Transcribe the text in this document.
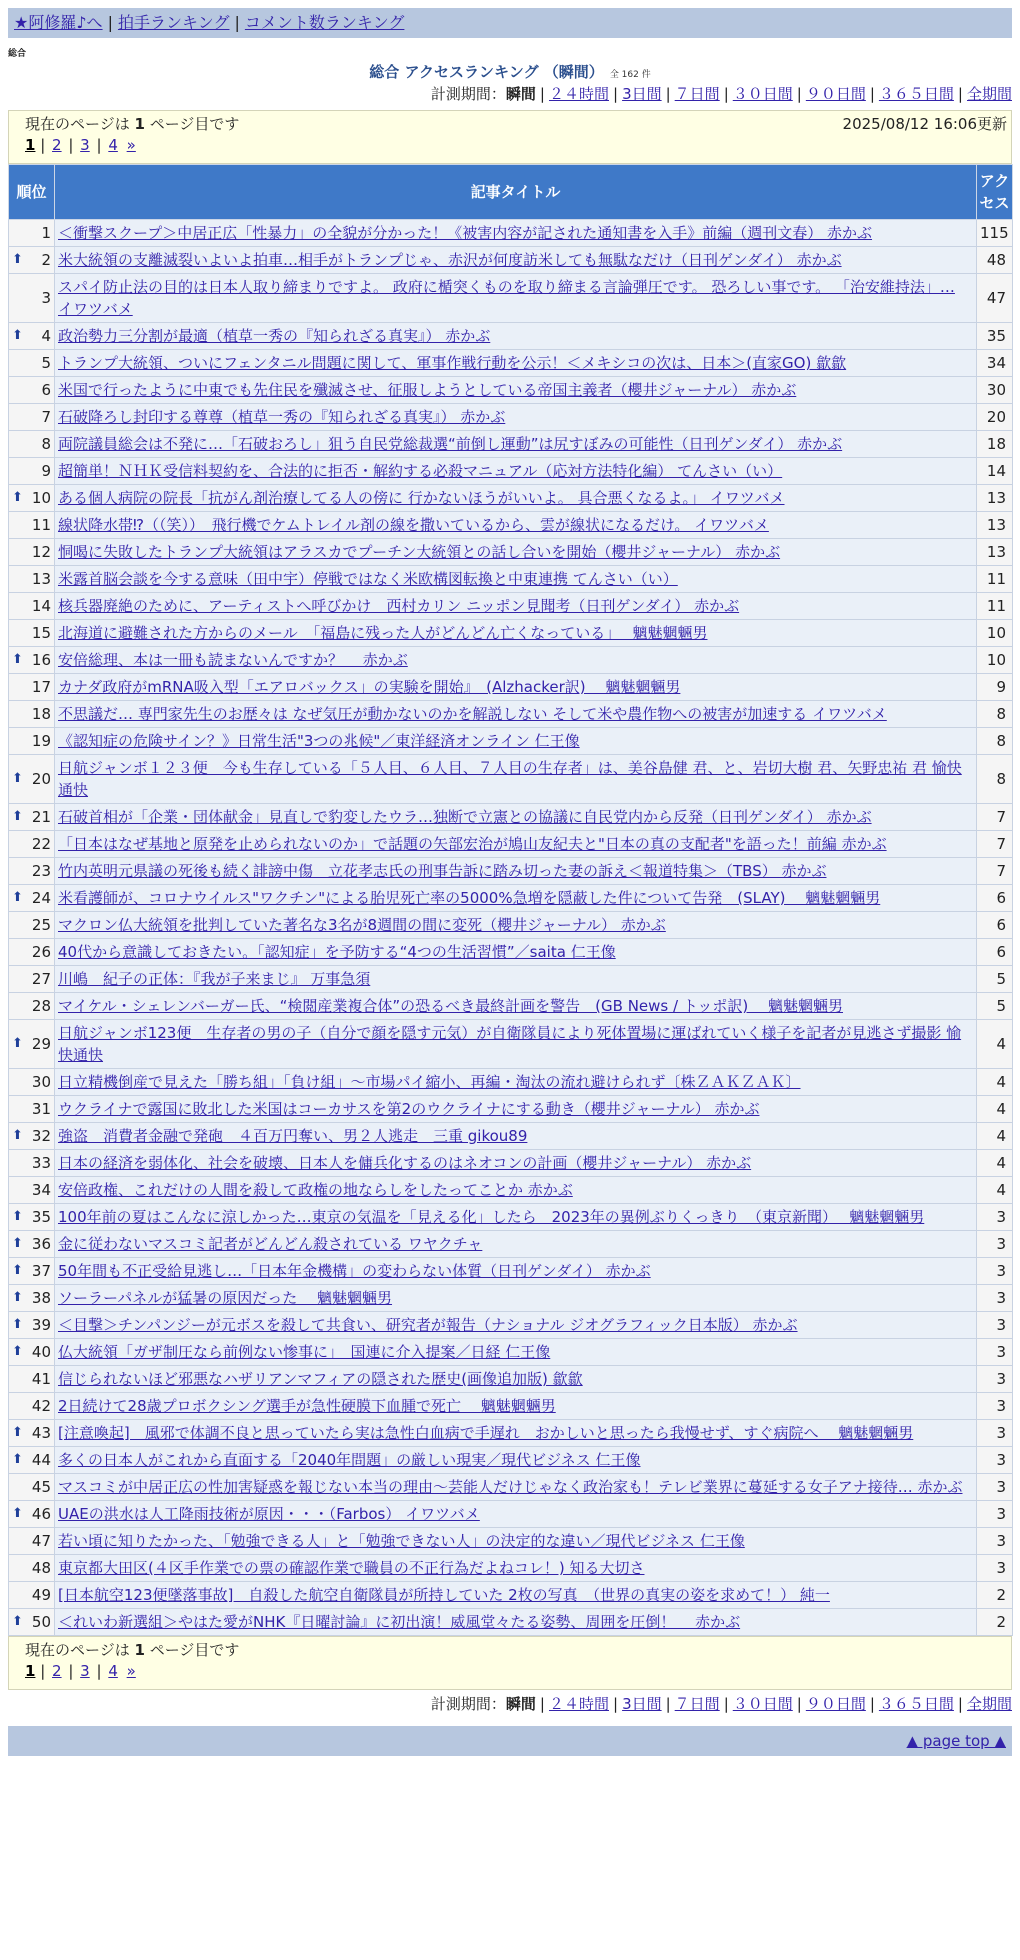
★阿修羅♪へ | 拍手ランキング | コメント数ランキング
総合
総合 アクセスランキング （瞬間） 全 162 件
計測期間：瞬間 | ２４時間 | 3日間 | ７日間 | ３０日間 | ９０日間 | ３６５日間 | 全期間
現在のページは 1 ページ目です	2025/08/12 16:06更新
1 | 2 | 3 | 4 »
順位	記事タイトル	アクセス
1	＜衝撃スクープ＞中居正広「性暴力」の全貌が分かった！《被害内容が記された通知書を入手》前編（週刊文春） 赤かぶ	115

⬆ 2	米大統領の支離滅裂いよいよ拍車…相手がトランプじゃ、赤沢が何度訪米しても無駄なだけ（日刊ゲンダイ） 赤かぶ	48
3	スパイ防止法の目的は日本人取り締まりですよ。 政府に楯突くものを取り締まる言論弾圧です。 恐ろしい事です。 「治安維持法」… イワツバメ	47

⬆ 4	政治勢力三分割が最適（植草一秀の『知られざる真実』） 赤かぶ	35
5	トランプ大統領、ついにフェンタニル問題に関して、軍事作戦行動を公示！＜メキシコの次は、日本＞(直家GO) 歙歙	34
6	米国で行ったように中東でも先住民を殲滅させ、征服しようとしている帝国主義者（櫻井ジャーナル） 赤かぶ	30
7	石破降ろし封印する尊尊（植草一秀の『知られざる真実』） 赤かぶ	20
8	両院議員総会は不発に…「石破おろし」狙う自民党総裁選“前倒し運動”は尻すぼみの可能性（日刊ゲンダイ） 赤かぶ	18
9	超簡単！ＮＨＫ受信料契約を、合法的に拒否・解約する必殺マニュアル（応対方法特化編） てんさい（い）	14

⬆ 10	ある個人病院の院長「抗がん剤治療してる人の傍に 行かないほうがいいよ。 具合悪くなるよ。」 イワツバメ	13
11	線状降水帯⁉（（笑））　飛行機でケムトレイル剤の線を撒いているから、雲が線状になるだけ。 イワツバメ	13
12	恫喝に失敗したトランプ大統領はアラスカでプーチン大統領との話し合いを開始（櫻井ジャーナル） 赤かぶ	13
13	米露首脳会談を今する意味（田中宇）停戦ではなく米欧構図転換と中東連携 てんさい（い）	11
14	核兵器廃絶のために、アーティストへ呼びかけ　西村カリン ニッポン見聞考（日刊ゲンダイ） 赤かぶ	11
15	北海道に避難された方からのメール　「福島に残った人がどんどん亡くなっている」　 魑魅魍魎男	10

⬆ 16	安倍総理、本は一冊も読まないんですか？　 赤かぶ	10
17	カナダ政府がmRNA吸入型「エアロバックス」の実験を開始』　(Alzhacker訳)　 魑魅魍魎男	9
18	不思議だ… 専門家先生のお歴々は なぜ気圧が動かないのかを解説しない そして米や農作物への被害が加速する イワツバメ	8
19	《認知症の危険サイン？》日常生活"3つの兆候"／東洋経済オンライン 仁王像	8

⬆ 20	日航ジャンボ１２３便　今も生存している「５人目、６人目、７人目の生存者」は、美谷島健 君、と、岩切大樹 君、矢野忠祐 君 愉快通快	8

⬆ 21	石破首相が「企業・団体献金」見直しで豹変したウラ…独断で立憲との協議に自民党内から反発（日刊ゲンダイ） 赤かぶ	7
22	「日本はなぜ基地と原発を止められないのか」で話題の矢部宏治が鳩山友紀夫と"日本の真の支配者"を語った！前編 赤かぶ	7
23	竹内英明元県議の死後も続く誹謗中傷　立花孝志氏の刑事告訴に踏み切った妻の訴え＜報道特集＞（TBS） 赤かぶ	7

⬆ 24	米看護師が、コロナウイルス"ワクチン"による胎児死亡率の5000%急増を隠蔽した件について告発　(SLAY)　 魑魅魍魎男	6
25	マクロン仏大統領を批判していた著名な3名が8週間の間に変死（櫻井ジャーナル） 赤かぶ	6
26	40代から意識しておきたい。「認知症」を予防する“4つの生活習慣”／saita 仁王像	6
27	川嶋　紀子の正体：『我が子来まじ』 万事急須	5
28	マイケル・シェレンバーガー氏、“検閲産業複合体”の恐るべき最終計画を警告　(GB News / トッポ訳)　 魑魅魍魎男	5

⬆ 29	日航ジャンボ123便　生存者の男の子（自分で顔を隠す元気）が自衛隊員により死体置場に運ばれていく様子を記者が見逃さず撮影 愉快通快	4
30	日立精機倒産で見えた「勝ち組」「負け組」～市場パイ縮小、再編・淘汰の流れ避けられず〔株ＺＡＫＺＡＫ〕	4
31	ウクライナで露国に敗北した米国はコーカサスを第2のウクライナにする動き（櫻井ジャーナル） 赤かぶ	4

⬆ 32	強盗　消費者金融で発砲　４百万円奪い、男２人逃走　三重 gikou89	4
33	日本の経済を弱体化、社会を破壊、日本人を傭兵化するのはネオコンの計画（櫻井ジャーナル） 赤かぶ	4
34	安倍政権、これだけの人間を殺して政権の地ならしをしたってことか 赤かぶ	4

⬆ 35	100年前の夏はこんなに涼しかった…東京の気温を「見える化」したら　2023年の異例ぶりくっきり　（東京新聞）　 魑魅魍魎男	3

⬆ 36	金に従わないマスコミ記者がどんどん殺されている ワヤクチャ	3

⬆ 37	50年間も不正受給見逃し…「日本年金機構」の変わらない体質（日刊ゲンダイ） 赤かぶ	3

⬆ 38	ソーラーパネルが猛暑の原因だった　 魑魅魍魎男	3

⬆ 39	＜目撃＞チンパンジーが元ボスを殺して共食い、研究者が報告（ナショナル ジオグラフィック日本版） 赤かぶ	3

⬆ 40	仏大統領「ガザ制圧なら前例ない惨事に」　国連に介入提案／日経 仁王像	3
41	信じられないほど邪悪なハザリアンマフィアの隠された歴史(画像追加版) 歙歙	3
42	2日続けて28歳プロボクシング選手が急性硬膜下血腫で死亡　 魑魅魍魎男	3

⬆ 43	[注意喚起]　風邪で体調不良と思っていたら実は急性白血病で手遅れ　おかしいと思ったら我慢せず、すぐ病院へ　 魑魅魍魎男	3

⬆ 44	多くの日本人がこれから直面する「2040年問題」の厳しい現実／現代ビジネス 仁王像	3
45	マスコミが中居正広の性加害疑惑を報じない本当の理由～芸能人だけじゃなく政治家も！テレビ業界に蔓延する女子アナ接待… 赤かぶ	3

⬆ 46	UAEの洪水は人工降雨技術が原因・・・（Farbos） イワツバメ	3
47	若い頃に知りたかった、「勉強できる人」と「勉強できない人」の決定的な違い／現代ビジネス 仁王像	3
48	東京都大田区(４区手作業での票の確認作業で職員の不正行為だよねコレ！) 知る大切さ	3
49	[日本航空123便墜落事故]　自殺した航空自衛隊員が所持していた 2枚の写真　（世界の真実の姿を求めて！） 純一	2

⬆ 50	＜れいわ新選組＞やはた愛がNHK『日曜討論』に初出演！威風堂々たる姿勢、周囲を圧倒！　 赤かぶ	2
現在のページは 1 ページ目です
1 | 2 | 3 | 4 »
計測期間：瞬間 | ２４時間 | 3日間 | ７日間 | ３０日間 | ９０日間 | ３６５日間 | 全期間
▲ page top ▲
